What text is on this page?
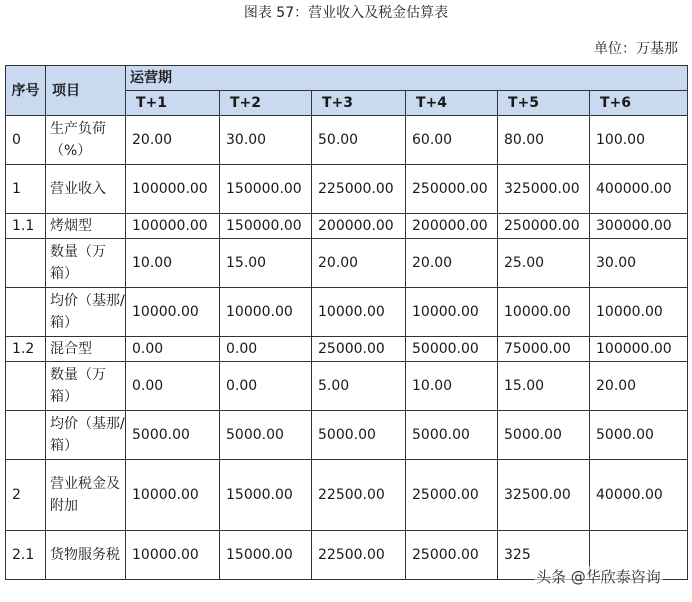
图表 57：营业收入及税金估算表
单位：万基那
序号	项目	运营期					
		T+1	T+2	T+3	T+4	T+5	T+6
0	生产负荷（%）	20.00	30.00	50.00	60.00	80.00	100.00
1	营业收入	100000.00	150000.00	225000.00	250000.00	325000.00	400000.00
1.1	烤烟型	100000.00	150000.00	200000.00	200000.00	250000.00	300000.00
	数量（万箱）	10.00	15.00	20.00	20.00	25.00	30.00
	均价（基那/箱）	10000.00	10000.00	10000.00	10000.00	10000.00	10000.00
1.2	混合型	0.00	0.00	25000.00	50000.00	75000.00	100000.00
	数量（万箱）	0.00	0.00	5.00	10.00	15.00	20.00
	均价（基那/箱）	5000.00	5000.00	5000.00	5000.00	5000.00	5000.00
2	营业税金及附加	10000.00	15000.00	22500.00	25000.00	32500.00	40000.00
2.1	货物服务税	10000.00	15000.00	22500.00	25000.00	325	
头条 @华欣泰咨询
